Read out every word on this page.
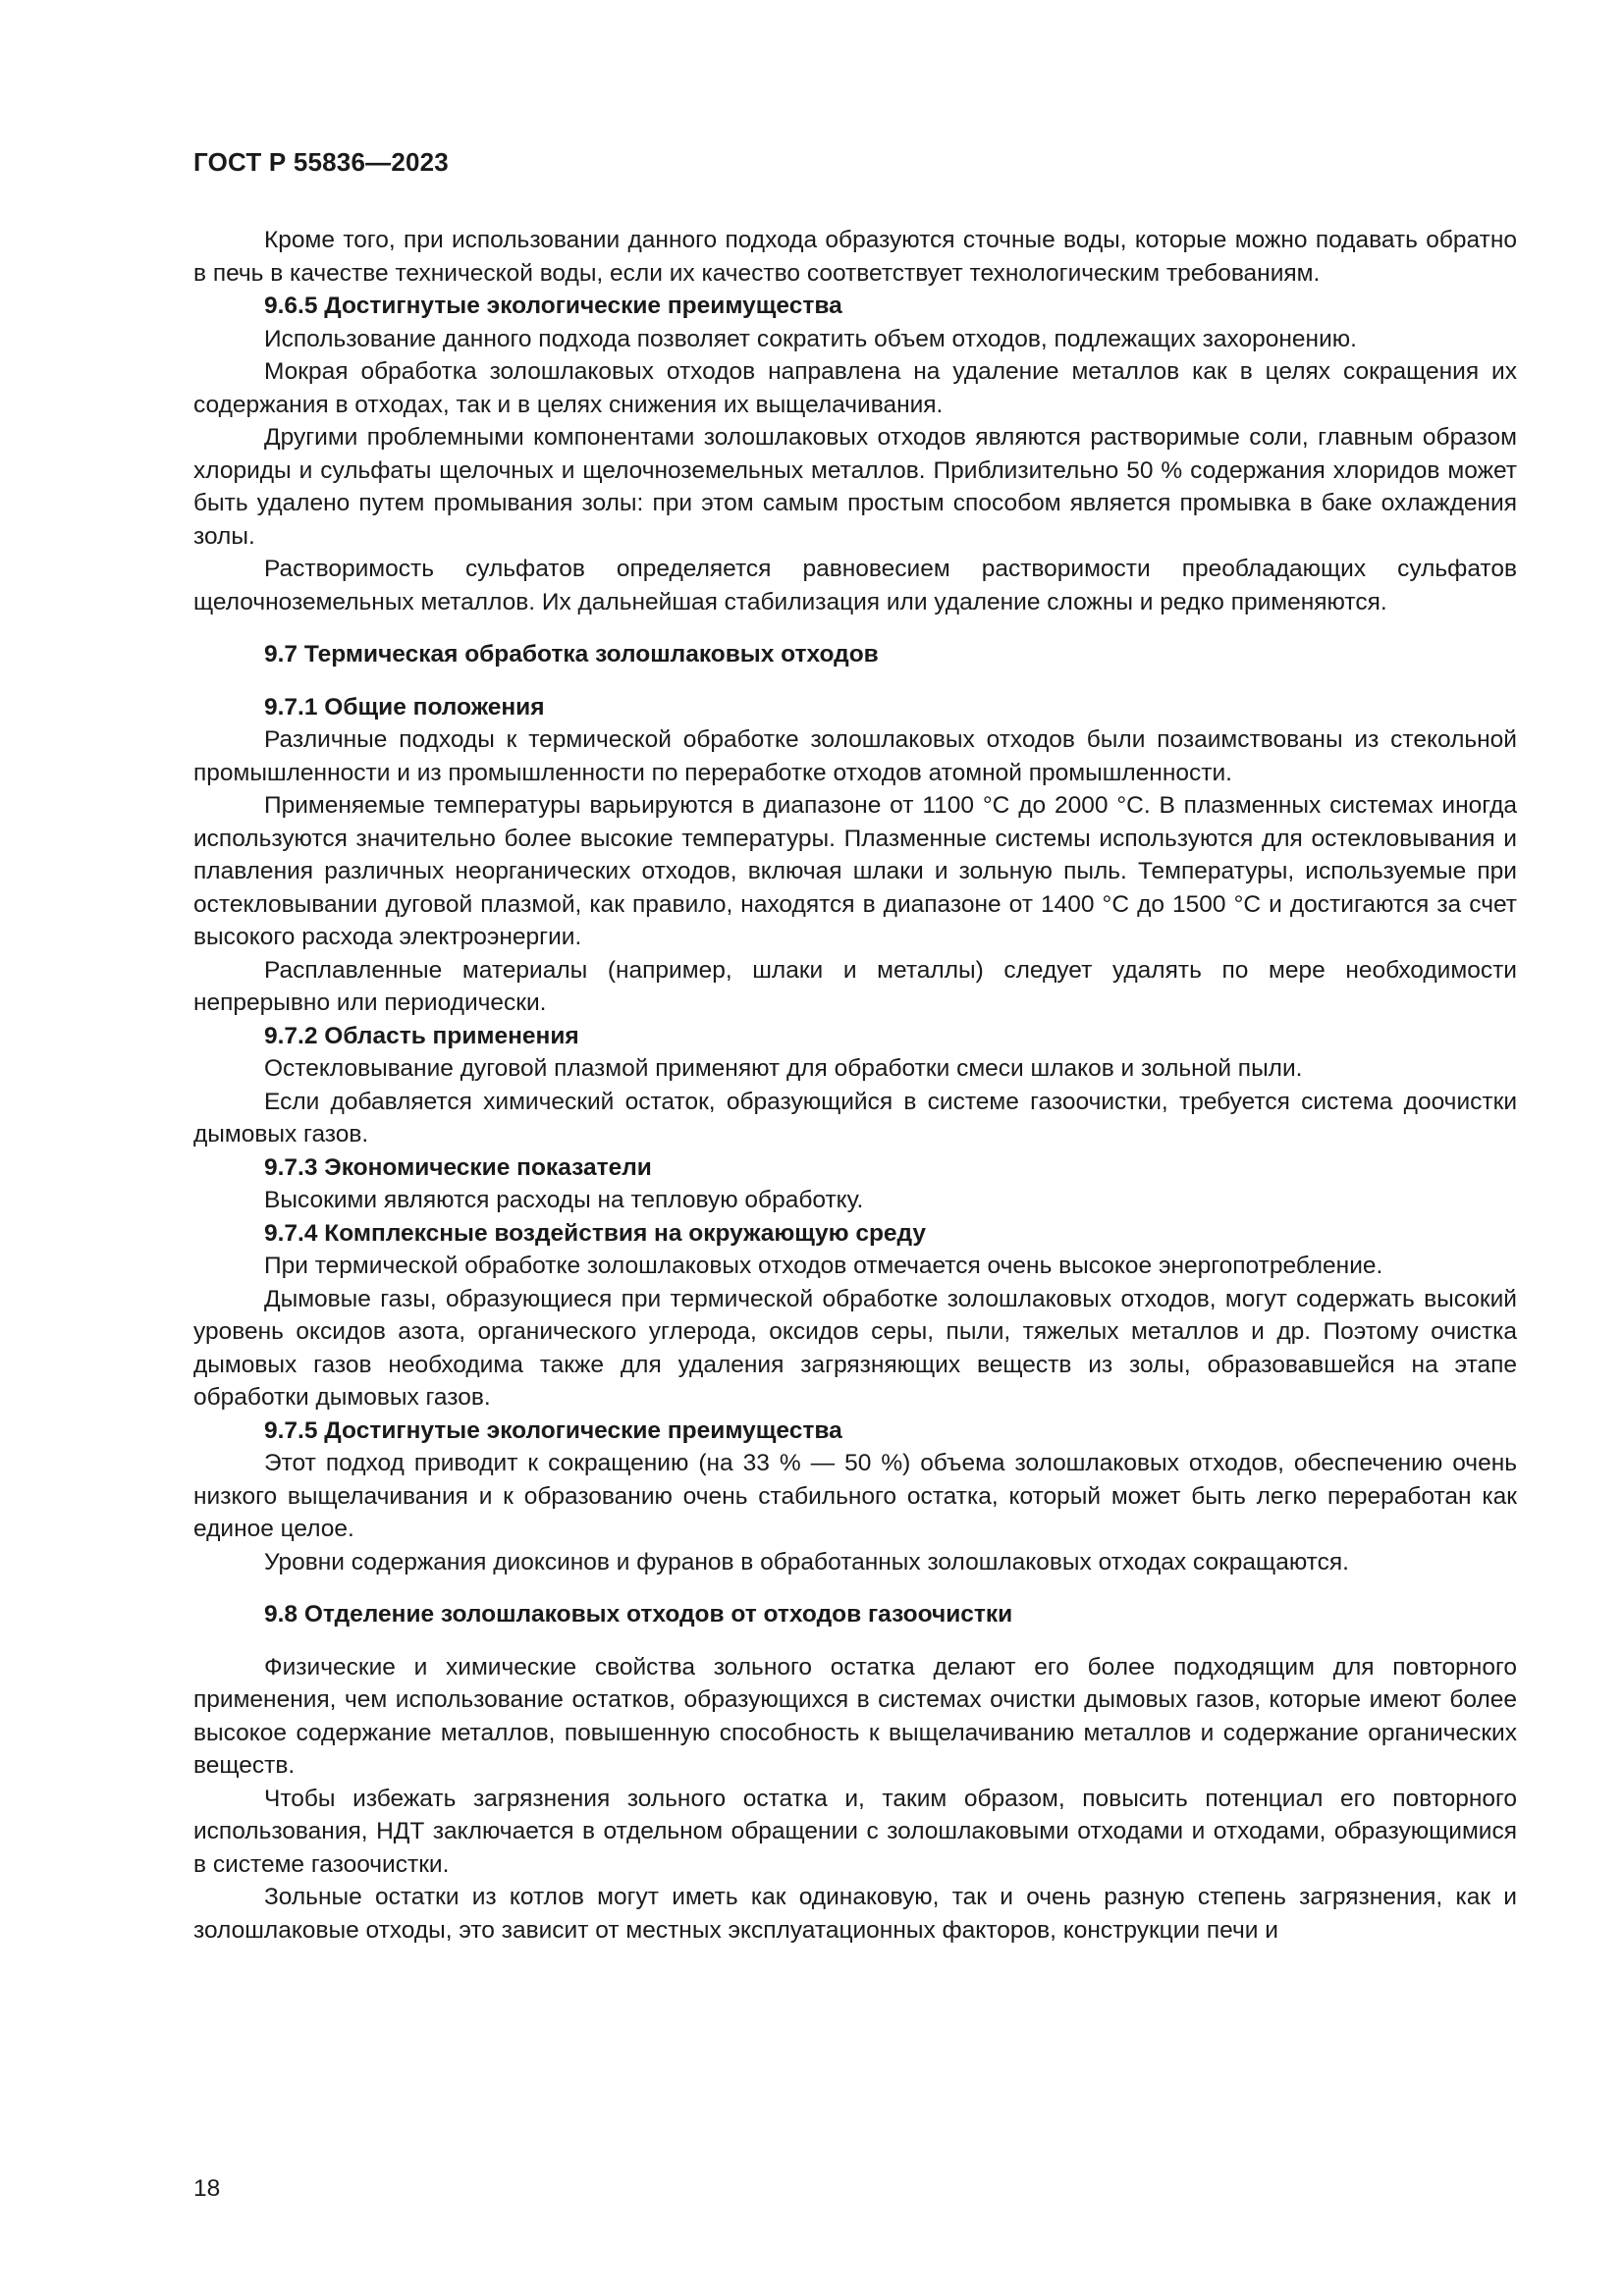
ГОСТ Р 55836—2023

Кроме того, при использовании данного подхода образуются сточные воды, которые можно подавать обратно в печь в качестве технической воды, если их качество соответствует технологическим требованиям.

9.6.5 Достигнутые экологические преимущества

Использование данного подхода позволяет сократить объем отходов, подлежащих захоронению.

Мокрая обработка золошлаковых отходов направлена на удаление металлов как в целях сокращения их содержания в отходах, так и в целях снижения их выщелачивания.

Другими проблемными компонентами золошлаковых отходов являются растворимые соли, главным образом хлориды и сульфаты щелочных и щелочноземельных металлов. Приблизительно 50 % содержания хлоридов может быть удалено путем промывания золы: при этом самым простым способом является промывка в баке охлаждения золы.

Растворимость сульфатов определяется равновесием растворимости преобладающих сульфатов щелочноземельных металлов. Их дальнейшая стабилизация или удаление сложны и редко применяются.

9.7 Термическая обработка золошлаковых отходов

9.7.1 Общие положения

Различные подходы к термической обработке золошлаковых отходов были позаимствованы из стекольной промышленности и из промышленности по переработке отходов атомной промышленности.

Применяемые температуры варьируются в диапазоне от 1100 °С до 2000 °С. В плазменных системах иногда используются значительно более высокие температуры. Плазменные системы используются для остекловывания и плавления различных неорганических отходов, включая шлаки и зольную пыль. Температуры, используемые при остекловывании дуговой плазмой, как правило, находятся в диапазоне от 1400 °С до 1500 °С и достигаются за счет высокого расхода электроэнергии.

Расплавленные материалы (например, шлаки и металлы) следует удалять по мере необходимости непрерывно или периодически.

9.7.2 Область применения

Остекловывание дуговой плазмой применяют для обработки смеси шлаков и зольной пыли.

Если добавляется химический остаток, образующийся в системе газоочистки, требуется система доочистки дымовых газов.

9.7.3 Экономические показатели

Высокими являются расходы на тепловую обработку.

9.7.4 Комплексные воздействия на окружающую среду

При термической обработке золошлаковых отходов отмечается очень высокое энергопотребление.

Дымовые газы, образующиеся при термической обработке золошлаковых отходов, могут содержать высокий уровень оксидов азота, органического углерода, оксидов серы, пыли, тяжелых металлов и др. Поэтому очистка дымовых газов необходима также для удаления загрязняющих веществ из золы, образовавшейся на этапе обработки дымовых газов.

9.7.5 Достигнутые экологические преимущества

Этот подход приводит к сокращению (на 33 % — 50 %) объема золошлаковых отходов, обеспечению очень низкого выщелачивания и к образованию очень стабильного остатка, который может быть легко переработан как единое целое.

Уровни содержания диоксинов и фуранов в обработанных золошлаковых отходах сокращаются.

9.8 Отделение золошлаковых отходов от отходов газоочистки

Физические и химические свойства зольного остатка делают его более подходящим для повторного применения, чем использование остатков, образующихся в системах очистки дымовых газов, которые имеют более высокое содержание металлов, повышенную способность к выщелачиванию металлов и содержание органических веществ.

Чтобы избежать загрязнения зольного остатка и, таким образом, повысить потенциал его повторного использования, НДТ заключается в отдельном обращении с золошлаковыми отходами и отходами, образующимися в системе газоочистки.

Зольные остатки из котлов могут иметь как одинаковую, так и очень разную степень загрязнения, как и золошлаковые отходы, это зависит от местных эксплуатационных факторов, конструкции печи и

18
